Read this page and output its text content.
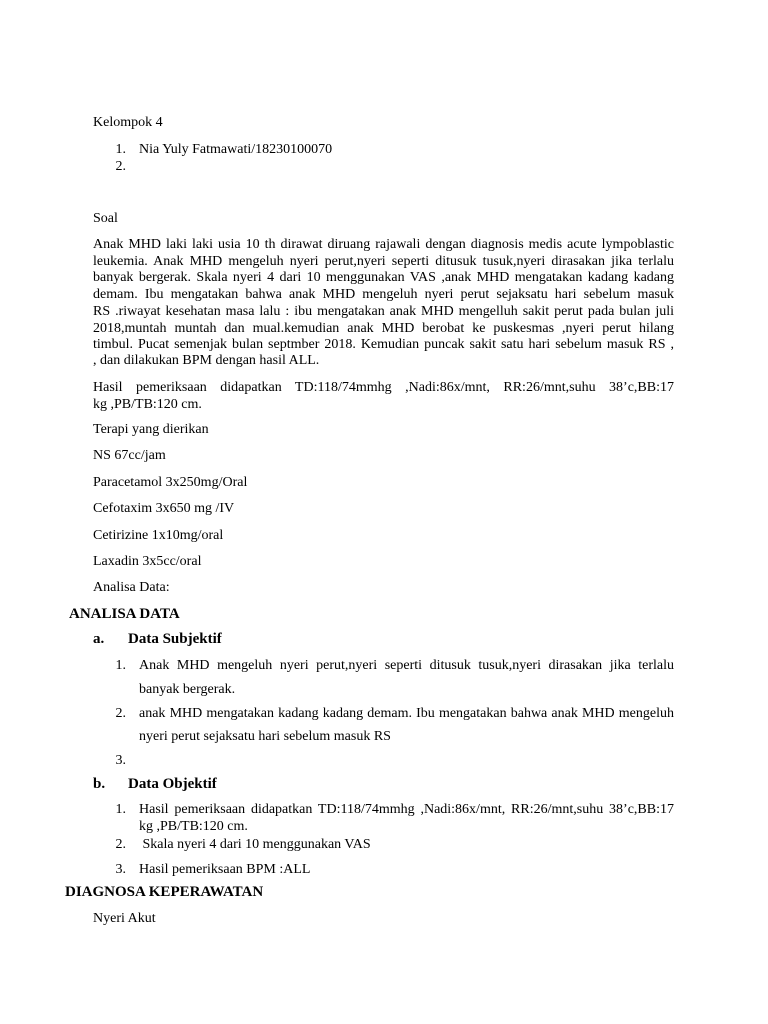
Kelompok 4
1. Nia Yuly Fatmawati/18230100070
2.
Soal
Anak MHD laki laki usia 10 th dirawat diruang rajawali dengan diagnosis medis acute lympoblastic
leukemia. Anak MHD mengeluh nyeri perut,nyeri seperti ditusuk tusuk,nyeri dirasakan jika terlalu
banyak bergerak. Skala nyeri 4 dari 10 menggunakan VAS ,anak MHD mengatakan kadang kadang
demam. Ibu mengatakan bahwa anak MHD mengeluh nyeri perut sejaksatu hari sebelum masuk
RS .riwayat kesehatan masa lalu : ibu mengatakan anak MHD mengelluh sakit perut pada bulan juli
2018,muntah muntah dan mual.kemudian anak MHD berobat ke puskesmas ,nyeri perut hilang
timbul. Pucat semenjak bulan septmber 2018. Kemudian puncak sakit satu hari sebelum masuk RS ,
, dan dilakukan BPM dengan hasil ALL.
Hasil pemeriksaan didapatkan TD:118/74mmhg ,Nadi:86x/mnt, RR:26/mnt,suhu 38’c,BB:17
kg ,PB/TB:120 cm.
Terapi yang dierikan
NS 67cc/jam
Paracetamol 3x250mg/Oral
Cefotaxim 3x650 mg /IV
Cetirizine 1x10mg/oral
Laxadin 3x5cc/oral
Analisa Data:
ANALISA DATA
a. Data Subjektif
1. Anak MHD mengeluh nyeri perut,nyeri seperti ditusuk tusuk,nyeri dirasakan jika terlalu
banyak bergerak.
2. anak MHD mengatakan kadang kadang demam. Ibu mengatakan bahwa anak MHD mengeluh
nyeri perut sejaksatu hari sebelum masuk RS
3.
b. Data Objektif
1. Hasil pemeriksaan didapatkan TD:118/74mmhg ,Nadi:86x/mnt, RR:26/mnt,suhu 38’c,BB:17
kg ,PB/TB:120 cm.
2. Skala nyeri 4 dari 10 menggunakan VAS
3. Hasil pemeriksaan BPM :ALL
DIAGNOSA KEPERAWATAN
Nyeri Akut
